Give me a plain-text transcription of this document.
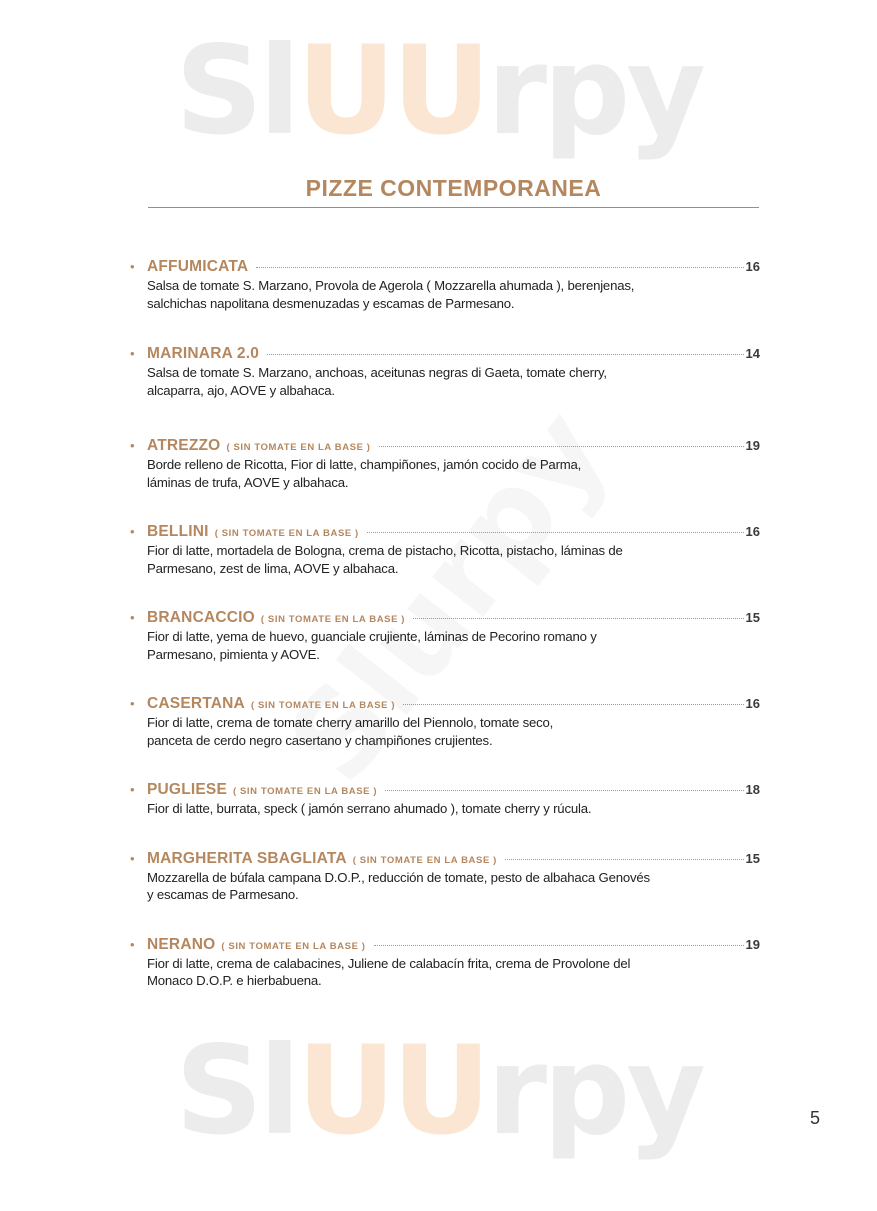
SlUUrpy
SlUUrpy
PIZZE CONTEMPORANEA
• AFFUMICATA	16

Salsa de tomate S. Marzano, Provola de Agerola ( Mozzarella ahumada ), berenjenas,
salchichas napolitana desmenuzadas y escamas de Parmesano.

• MARINARA 2.0	14

Salsa de tomate S. Marzano, anchoas, aceitunas negras di Gaeta, tomate cherry,
alcaparra, ajo, AOVE y albahaca.

• ATREZZO ( SIN TOMATE EN LA BASE )	19

Borde relleno de Ricotta, Fior di latte, champiñones, jamón cocido de Parma,
láminas de trufa, AOVE y albahaca.

• BELLINI ( SIN TOMATE EN LA BASE )	16

Fior di latte, mortadela de Bologna, crema de pistacho, Ricotta, pistacho, láminas de
Parmesano, zest de lima, AOVE y albahaca.

• BRANCACCIO ( SIN TOMATE EN LA BASE )	15

Fior di latte, yema de huevo, guanciale crujiente, láminas de Pecorino romano y
Parmesano, pimienta y AOVE.

• CASERTANA ( SIN TOMATE EN LA BASE )	16

Fior di latte, crema de tomate cherry amarillo del Piennolo, tomate seco,
panceta de cerdo negro casertano y champiñones crujientes.

• PUGLIESE ( SIN TOMATE EN LA BASE )	18

Fior di latte, burrata, speck ( jamón serrano ahumado ), tomate cherry y rúcula.

• MARGHERITA SBAGLIATA ( SIN TOMATE EN LA BASE )	15

Mozzarella de búfala campana D.O.P., reducción de tomate, pesto de albahaca Genovés
y escamas de Parmesano.

• NERANO ( SIN TOMATE EN LA BASE )	19

Fior di latte, crema de calabacines, Juliene de calabacín frita, crema de Provolone del
Monaco D.O.P. e hierbabuena.

5
